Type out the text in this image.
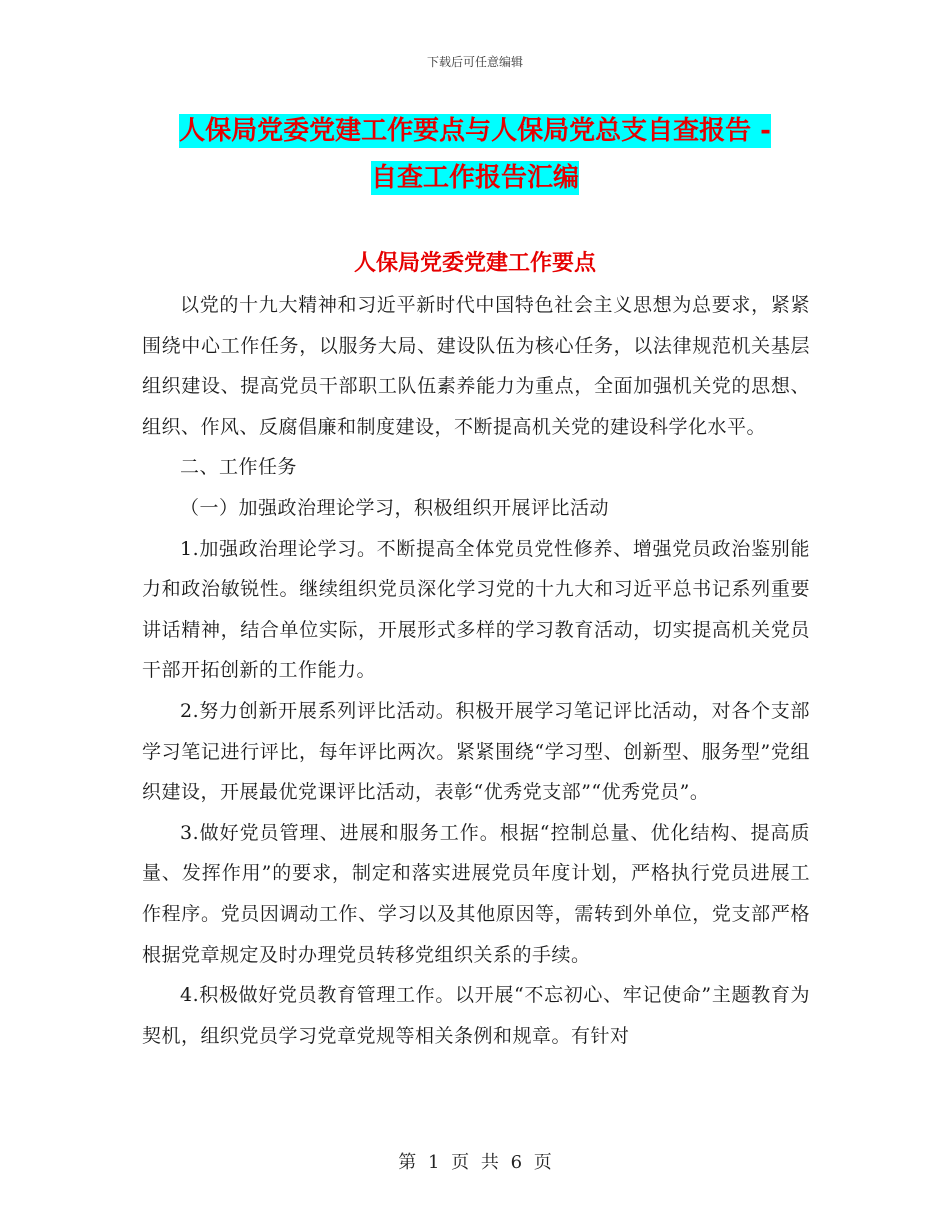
下载后可任意编辑
人保局党委党建工作要点与人保局党总支自查报告 -
自查工作报告汇编
人保局党委党建工作要点

以党的十九大精神和习近平新时代中国特色社会主义思想为总要求，紧紧围绕中心工作任务，以服务大局、建设队伍为核心任务，以法律规范机关基层组织建设、提高党员干部职工队伍素养能力为重点，全面加强机关党的思想、组织、作风、反腐倡廉和制度建设，不断提高机关党的建设科学化水平。

二、工作任务

（一）加强政治理论学习，积极组织开展评比活动

1.加强政治理论学习。不断提高全体党员党性修养、增强党员政治鉴别能力和政治敏锐性。继续组织党员深化学习党的十九大和习近平总书记系列重要讲话精神，结合单位实际，开展形式多样的学习教育活动，切实提高机关党员干部开拓创新的工作能力。

2.努力创新开展系列评比活动。积极开展学习笔记评比活动，对各个支部学习笔记进行评比，每年评比两次。紧紧围绕“学习型、创新型、服务型”党组织建设，开展最优党课评比活动，表彰“优秀党支部”“优秀党员”。

3.做好党员管理、进展和服务工作。根据“控制总量、优化结构、提高质量、发挥作用”的要求，制定和落实进展党员年度计划，严格执行党员进展工作程序。党员因调动工作、学习以及其他原因等，需转到外单位，党支部严格根据党章规定及时办理党员转移党组织关系的手续。

4.积极做好党员教育管理工作。以开展“不忘初心、牢记使命”主题教育为契机，组织党员学习党章党规等相关条例和规章。有针对

第 1 页 共 6 页
